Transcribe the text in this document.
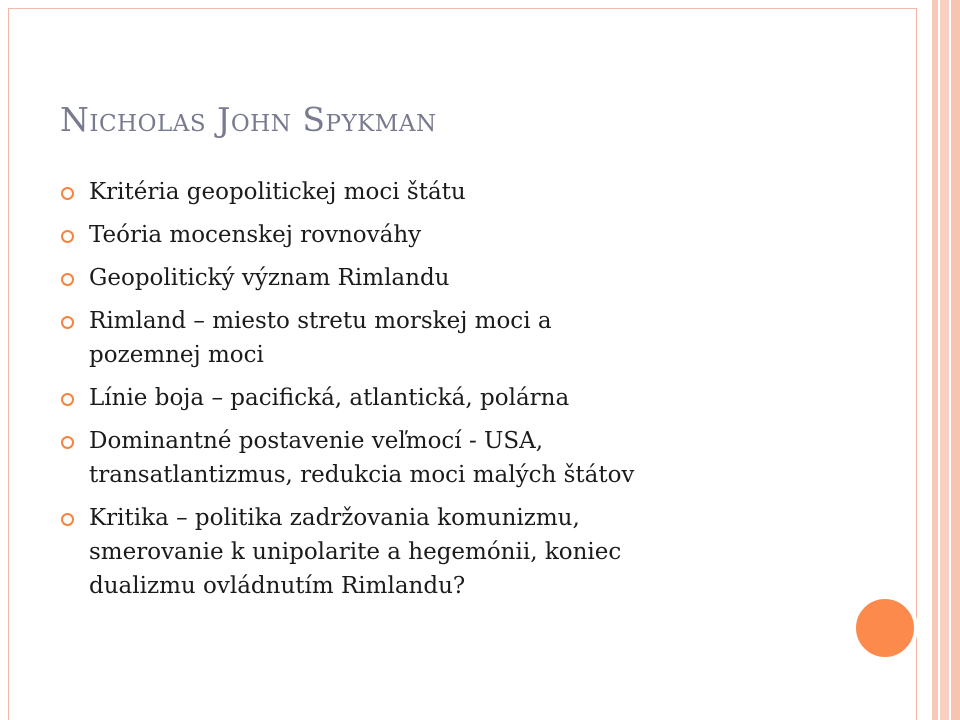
Nicholas John Spykman
Kritéria geopolitickej moci štátu
Teória mocenskej rovnováhy
Geopolitický význam Rimlandu
Rimland – miesto stretu morskej moci a
pozemnej moci
Línie boja – pacifická, atlantická, polárna
Dominantné postavenie veľmocí - USA,
transatlantizmus, redukcia moci malých štátov
Kritika – politika zadržovania komunizmu,
smerovanie k unipolarite a hegemónii, koniec
dualizmu ovládnutím Rimlandu?
